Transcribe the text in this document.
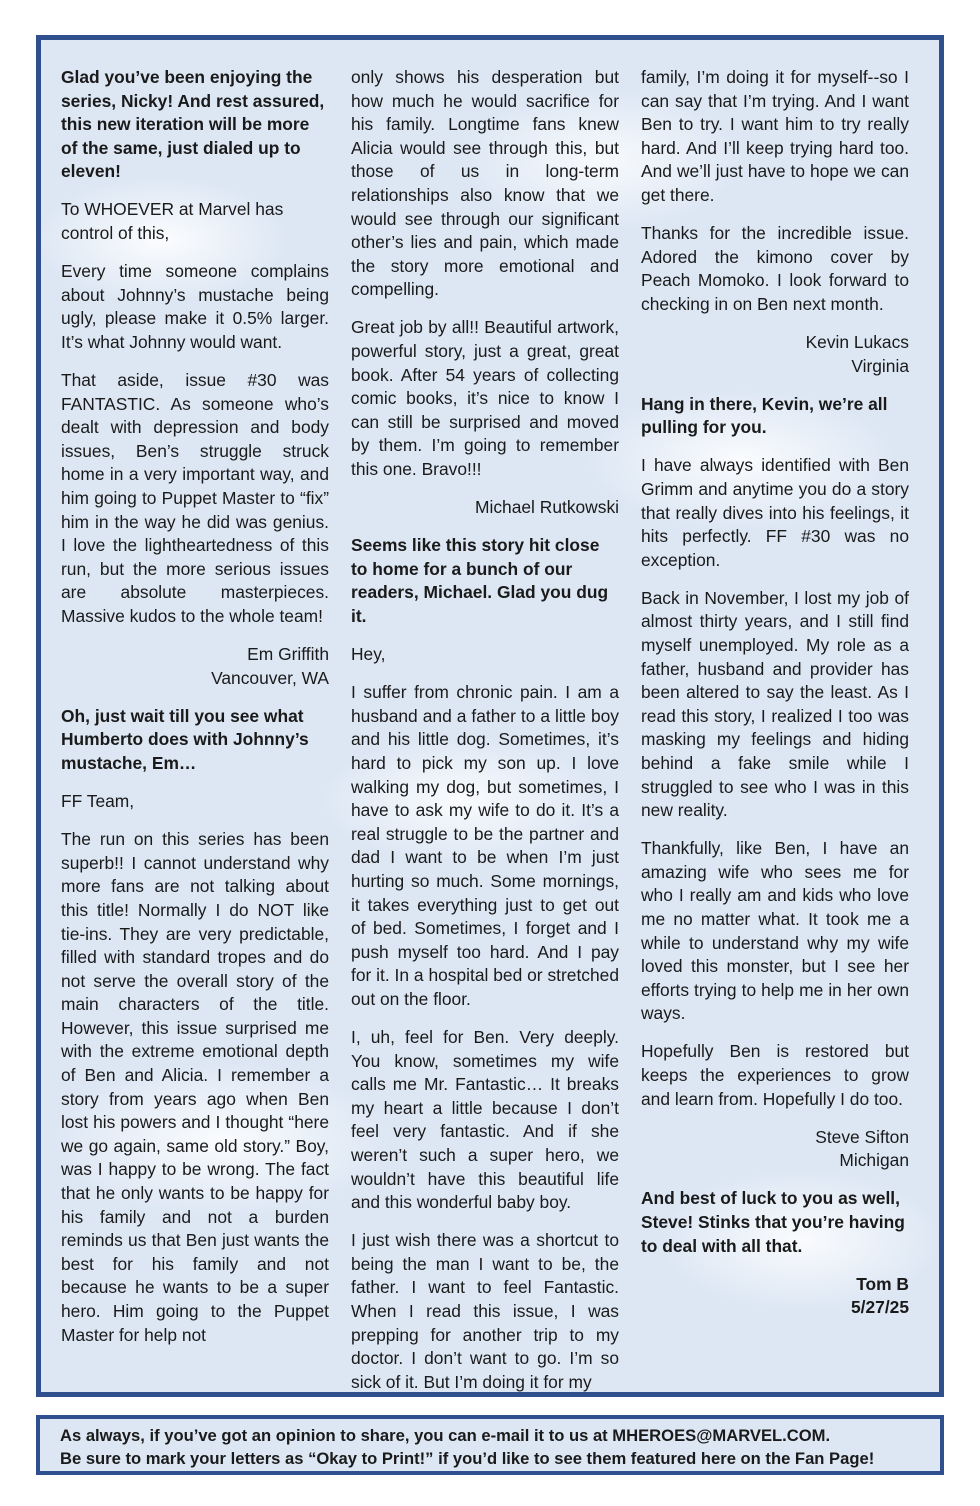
Glad you’ve been enjoying the series, Nicky! And rest assured, this new iteration will be more of the same, just dialed up to eleven!

To WHOEVER at Marvel has control of this,

Every time someone complains about Johnny’s mustache being ugly, please make it 0.5% larger. It’s what Johnny would want.

That aside, issue #30 was FANTASTIC. As someone who’s dealt with depression and body issues, Ben’s struggle struck home in a very important way, and him going to Puppet Master to “fix” him in the way he did was genius. I love the lightheartedness of this run, but the more serious issues are absolute masterpieces. Massive kudos to the whole team!

Em Griffith
Vancouver, WA

Oh, just wait till you see what Humberto does with Johnny’s mustache, Em…

FF Team,

The run on this series has been superb!! I cannot understand why more fans are not talking about this title! Normally I do NOT like tie-ins. They are very predictable, filled with standard tropes and do not serve the overall story of the main characters of the title. However, this issue surprised me with the extreme emotional depth of Ben and Alicia. I remember a story from years ago when Ben lost his powers and I thought “here we go again, same old story.” Boy, was I happy to be wrong. The fact that he only wants to be happy for his family and not a burden reminds us that Ben just wants the best for his family and not because he wants to be a super hero. Him going to the Puppet Master for help not

only shows his desperation but how much he would sacrifice for his family. Longtime fans knew Alicia would see through this, but those of us in long-term relationships also know that we would see through our significant other’s lies and pain, which made the story more emotional and compelling.

Great job by all!! Beautiful artwork, powerful story, just a great, great book. After 54 years of collecting comic books, it’s nice to know I can still be surprised and moved by them. I’m going to remember this one. Bravo!!!

Michael Rutkowski

Seems like this story hit close to home for a bunch of our readers, Michael. Glad you dug it.

Hey,

I suffer from chronic pain. I am a husband and a father to a little boy and his little dog. Sometimes, it’s hard to pick my son up. I love walking my dog, but sometimes, I have to ask my wife to do it. It’s a real struggle to be the partner and dad I want to be when I’m just hurting so much. Some mornings, it takes everything just to get out of bed. Sometimes, I forget and I push myself too hard. And I pay for it. In a hospital bed or stretched out on the floor.

I, uh, feel for Ben. Very deeply. You know, sometimes my wife calls me Mr. Fantastic… It breaks my heart a little because I don’t feel very fantastic. And if she weren’t such a super hero, we wouldn’t have this beautiful life and this wonderful baby boy.

I just wish there was a shortcut to being the man I want to be, the father. I want to feel Fantastic. When I read this issue, I was prepping for another trip to my doctor. I don’t want to go. I’m so sick of it. But I’m doing it for my

family, I’m doing it for myself--so I can say that I’m trying. And I want Ben to try. I want him to try really hard. And I’ll keep trying hard too. And we’ll just have to hope we can get there.

Thanks for the incredible issue. Adored the kimono cover by Peach Momoko. I look forward to checking in on Ben next month.

Kevin Lukacs
Virginia

Hang in there, Kevin, we’re all pulling for you.

I have always identified with Ben Grimm and anytime you do a story that really dives into his feelings, it hits perfectly. FF #30 was no exception.

Back in November, I lost my job of almost thirty years, and I still find myself unemployed. My role as a father, husband and provider has been altered to say the least. As I read this story, I realized I too was masking my feelings and hiding behind a fake smile while I struggled to see who I was in this new reality.

Thankfully, like Ben, I have an amazing wife who sees me for who I really am and kids who love me no matter what. It took me a while to understand why my wife loved this monster, but I see her efforts trying to help me in her own ways.

Hopefully Ben is restored but keeps the experiences to grow and learn from. Hopefully I do too.

Steve Sifton
Michigan

And best of luck to you as well, Steve! Stinks that you’re having to deal with all that.

Tom B
5/27/25

As always, if you’ve got an opinion to share, you can e-mail it to us at MHEROES@MARVEL.COM.
Be sure to mark your letters as “Okay to Print!” if you’d like to see them featured here on the Fan Page!
